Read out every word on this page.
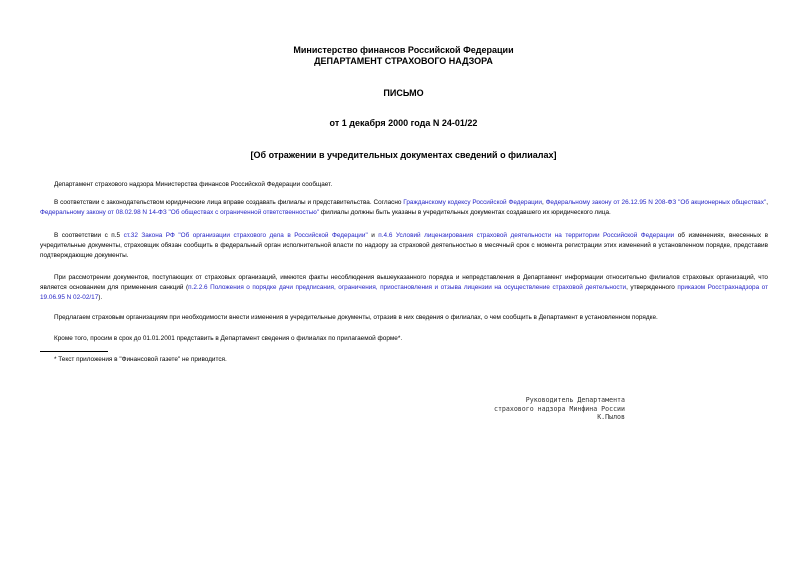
Министерство финансов Российской Федерации
ДЕПАРТАМЕНТ СТРАХОВОГО НАДЗОРА
ПИСЬМО
от 1 декабря 2000 года N 24-01/22
[Об отражении в учредительных документах сведений о филиалах]
Департамент страхового надзора Министерства финансов Российской Федерации сообщает.
В соответствии с законодательством юридические лица вправе создавать филиалы и представительства. Согласно Гражданскому кодексу Российской Федерации, Федеральному закону от 26.12.95 N 208-ФЗ "Об акционерных обществах", Федеральному закону от 08.02.98 N 14-ФЗ "Об обществах с ограниченной ответственностью" филиалы должны быть указаны в учредительных документах создавшего их юридического лица.
В соответствии с п.5 ст.32 Закона РФ "Об организации страхового дела в Российской Федерации" и п.4.6 Условий лицензирования страховой деятельности на территории Российской Федерации об изменениях, внесенных в учредительные документы, страховщик обязан сообщить в федеральный орган исполнительной власти по надзору за страховой деятельностью в месячный срок с момента регистрации этих изменений в установленном порядке, представив подтверждающие документы.
При рассмотрении документов, поступающих от страховых организаций, имеются факты несоблюдения вышеуказанного порядка и непредставления в Департамент информации относительно филиалов страховых организаций, что является основанием для применения санкций (п.2.2.6 Положения о порядке дачи предписания, ограничения, приостановления и отзыва лицензии на осуществление страховой деятельности, утвержденного приказом Росстрахнадзора от 19.06.95 N 02-02/17).
Предлагаем страховым организациям при необходимости внести изменения в учредительные документы, отразив в них сведения о филиалах, о чем сообщить в Департамент в установленном порядке.
Кроме того, просим в срок до 01.01.2001 представить в Департамент сведения о филиалах по прилагаемой форме*.
* Текст приложения в "Финансовой газете" не приводится.
Руководитель Департамента
страхового надзора Минфина России
К.Пылов
